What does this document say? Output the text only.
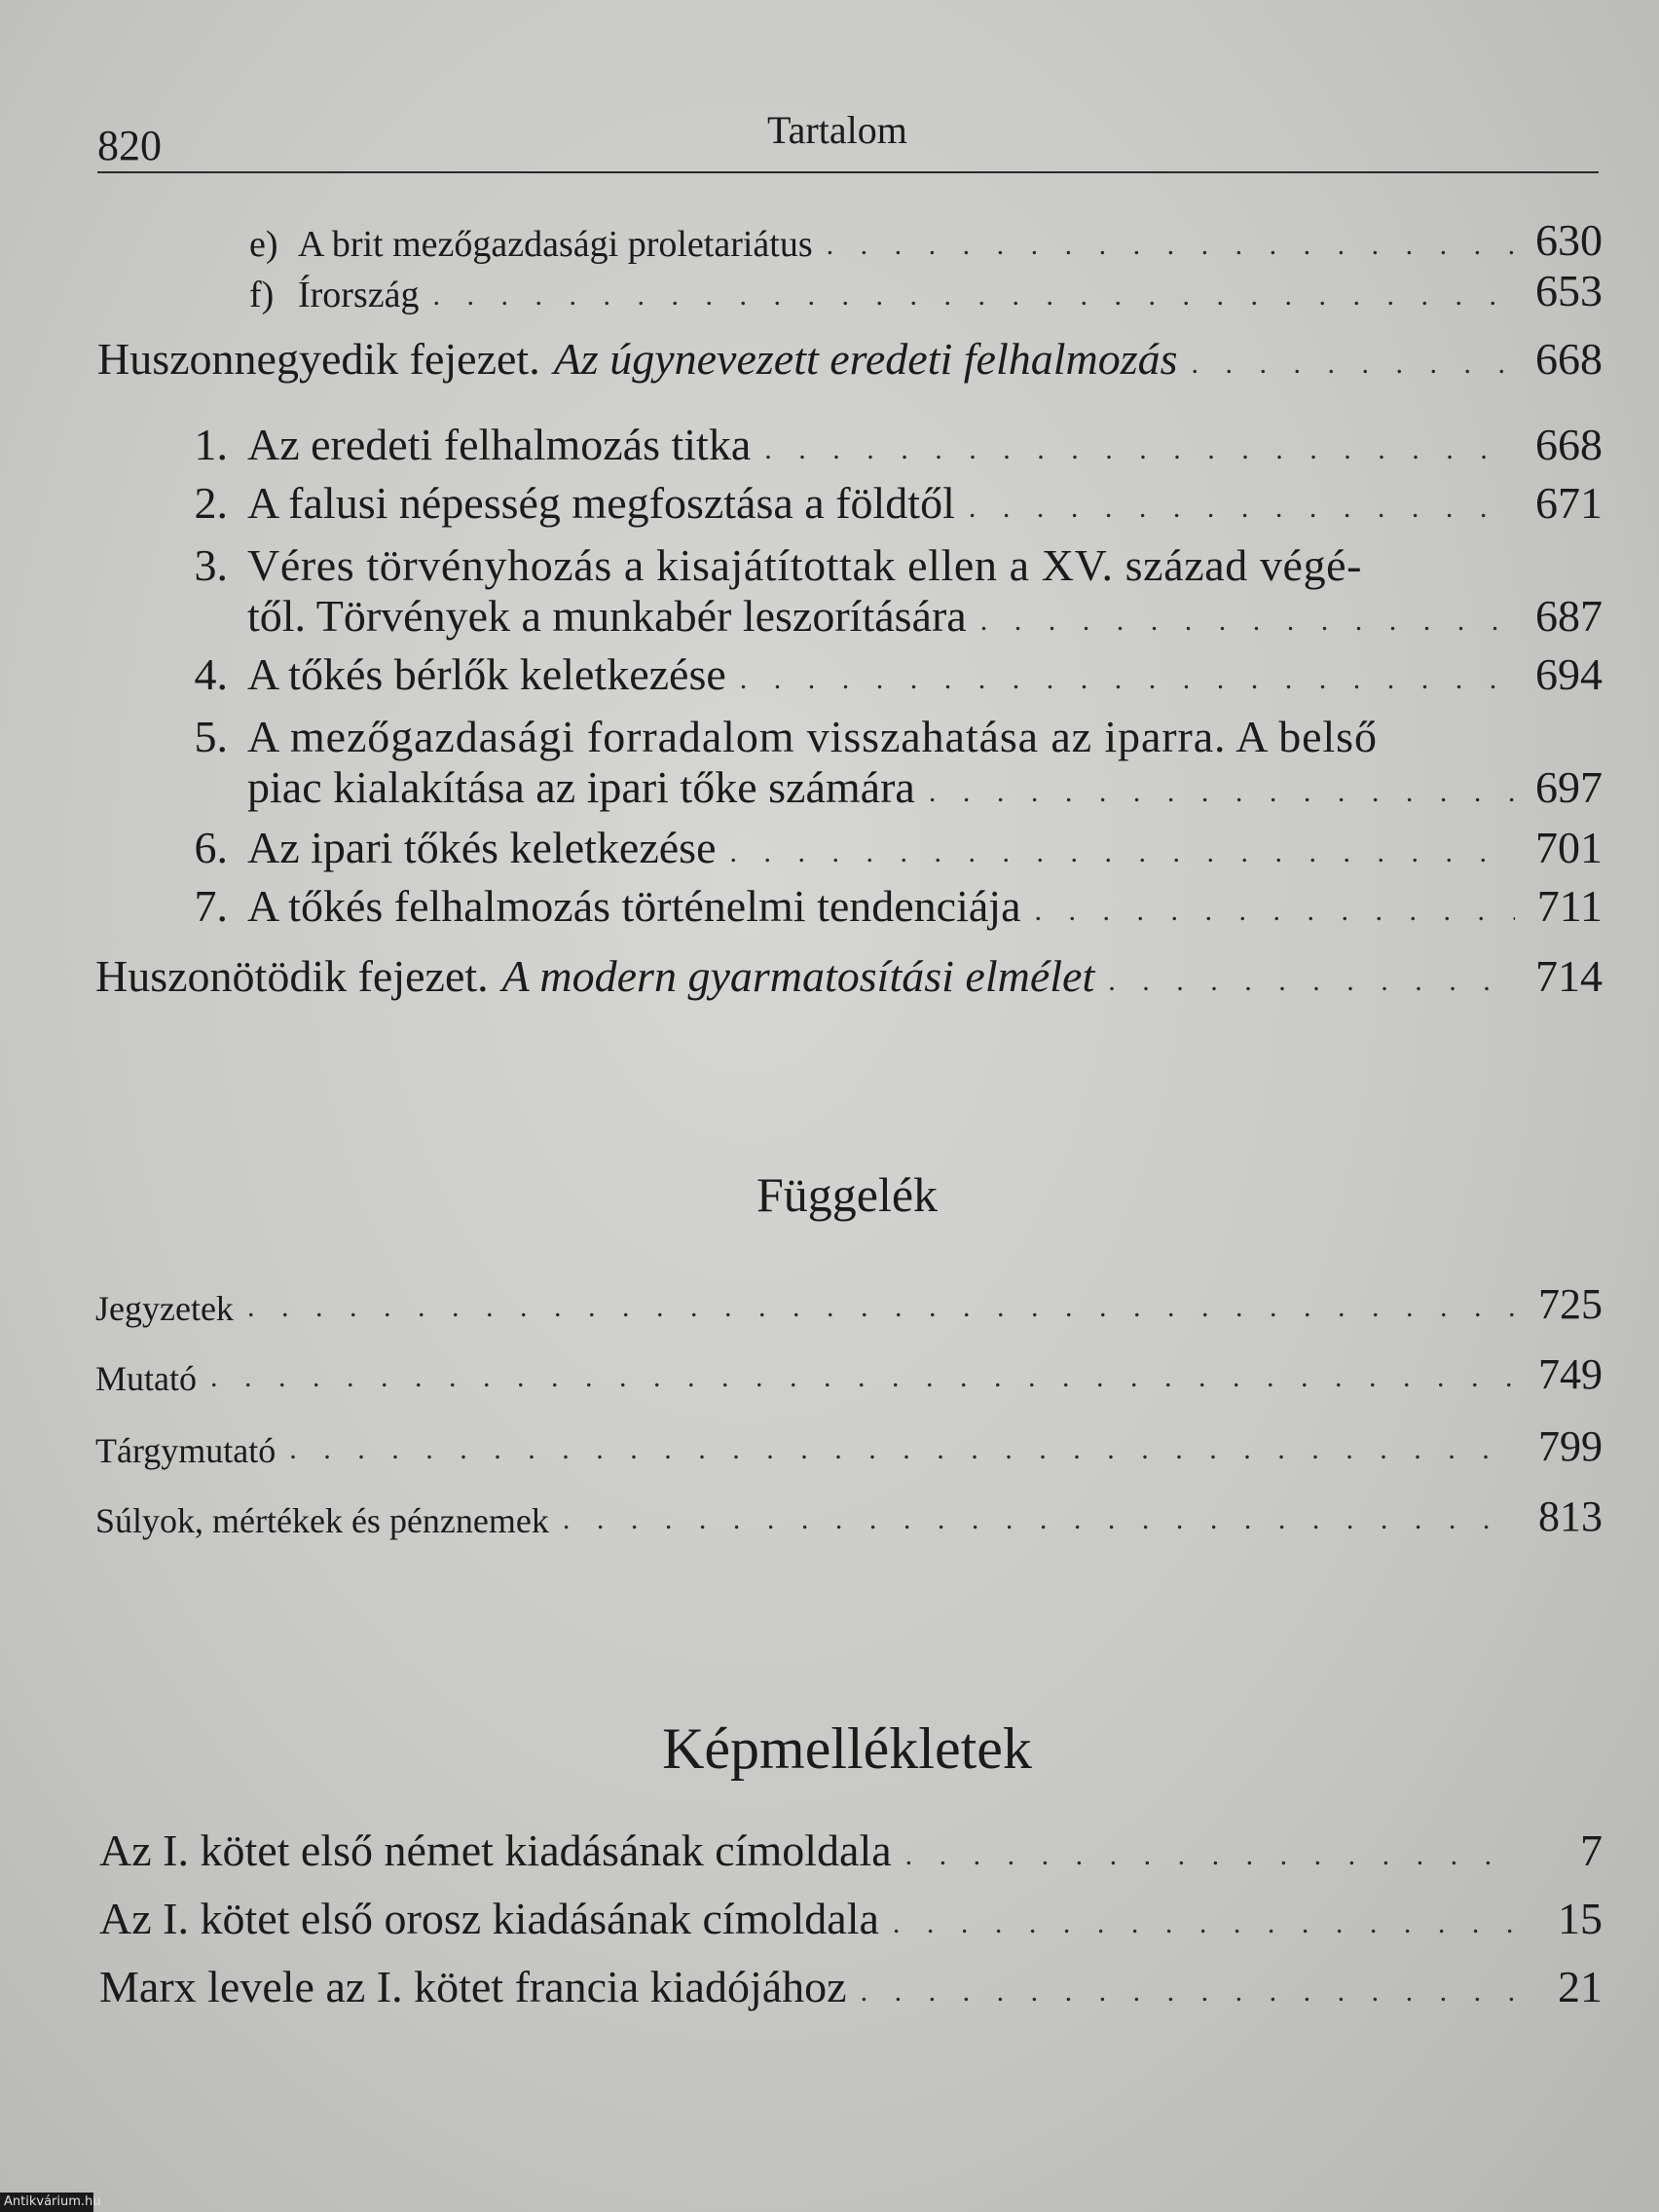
820	Tartalom
e) A brit mezőgazdasági proletariátus . . .	630
f) Írország . . .	653
Huszonnegyedik fejezet. Az úgynevezett eredeti felhalmozás . . .	668
1. Az eredeti felhalmozás titka . . .	668
2. A falusi népesség megfosztása a földtől . . .	671
3. Véres törvényhozás a kisajátítottak ellen a XV. század végé-
től. Törvények a munkabér leszorítására . . .	687
4. A tőkés bérlők keletkezése . . .	694
5. A mezőgazdasági forradalom visszahatása az iparra. A belső
piac kialakítása az ipari tőke számára . . .	697
6. Az ipari tőkés keletkezése . . .	701
7. A tőkés felhalmozás történelmi tendenciája . . .	711
Huszonötödik fejezet. A modern gyarmatosítási elmélet . . .	714
Függelék
Jegyzetek . . .	725
Mutató . . .	749
Tárgymutató . . .	799
Súlyok, mértékek és pénznemek . . .	813
Képmellékletek
Az I. kötet első német kiadásának címoldala . . .	7
Az I. kötet első orosz kiadásának címoldala . . .	15
Marx levele az I. kötet francia kiadójához . . .	21
Antikvárium.hu
